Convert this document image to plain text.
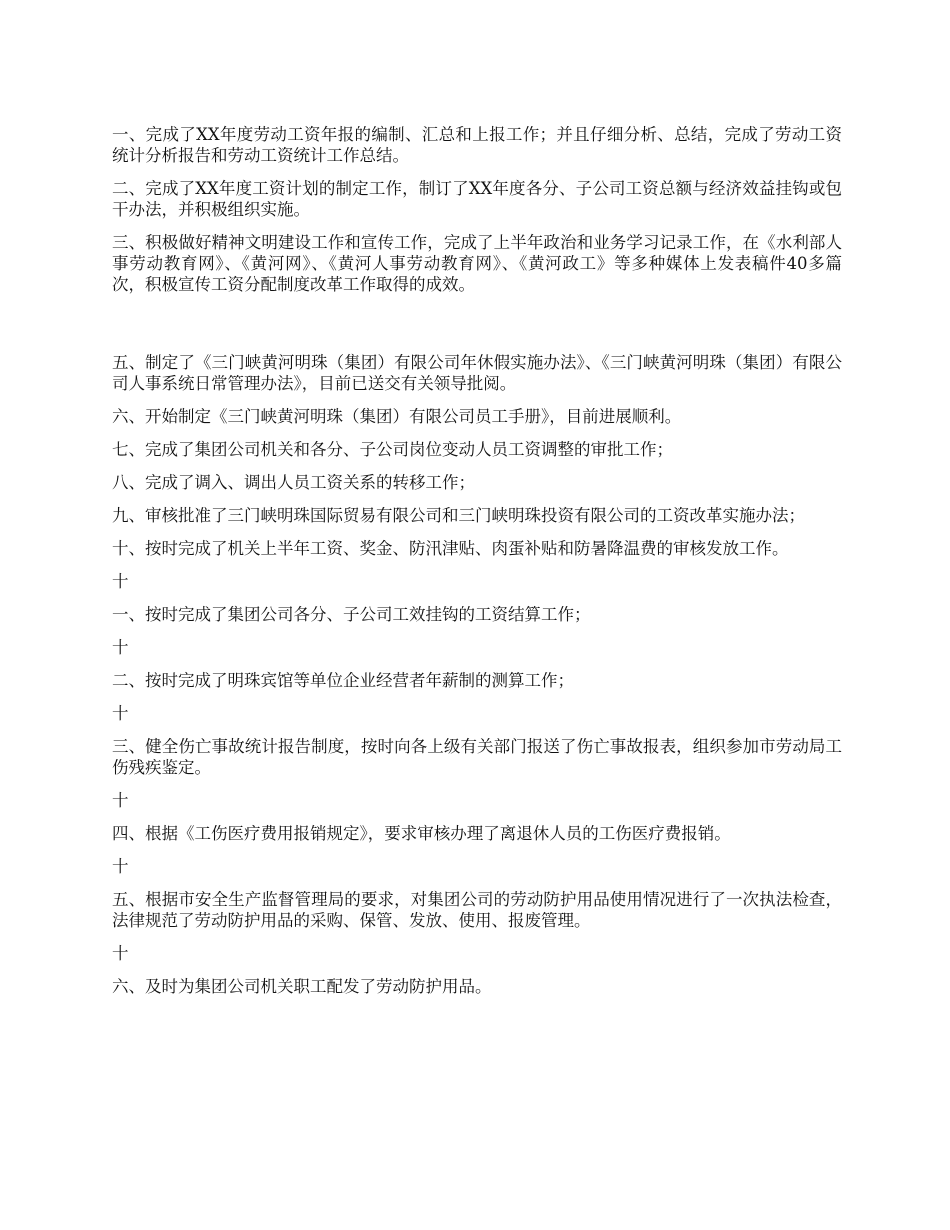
一、完成了XX年度劳动工资年报的编制、汇总和上报工作；并且仔细分析、总结，完成了劳动工资统计分析报告和劳动工资统计工作总结。

二、完成了XX年度工资计划的制定工作，制订了XX年度各分、子公司工资总额与经济效益挂钩或包干办法，并积极组织实施。

三、积极做好精神文明建设工作和宣传工作，完成了上半年政治和业务学习记录工作，在《水利部人事劳动教育网》、《黄河网》、《黄河人事劳动教育网》、《黄河政工》等多种媒体上发表稿件40多篇次，积极宣传工资分配制度改革工作取得的成效。

五、制定了《三门峡黄河明珠（集团）有限公司年休假实施办法》、《三门峡黄河明珠（集团）有限公司人事系统日常管理办法》，目前已送交有关领导批阅。

六、开始制定《三门峡黄河明珠（集团）有限公司员工手册》，目前进展顺利。

七、完成了集团公司机关和各分、子公司岗位变动人员工资调整的审批工作；

八、完成了调入、调出人员工资关系的转移工作；

九、审核批准了三门峡明珠国际贸易有限公司和三门峡明珠投资有限公司的工资改革实施办法；

十、按时完成了机关上半年工资、奖金、防汛津贴、肉蛋补贴和防暑降温费的审核发放工作。

十

一、按时完成了集团公司各分、子公司工效挂钩的工资结算工作；

十

二、按时完成了明珠宾馆等单位企业经营者年薪制的测算工作；

十

三、健全伤亡事故统计报告制度，按时向各上级有关部门报送了伤亡事故报表，组织参加市劳动局工伤残疾鉴定。

十

四、根据《工伤医疗费用报销规定》，要求审核办理了离退休人员的工伤医疗费报销。

十

五、根据市安全生产监督管理局的要求，对集团公司的劳动防护用品使用情况进行了一次执法检查，法律规范了劳动防护用品的采购、保管、发放、使用、报废管理。

十

六、及时为集团公司机关职工配发了劳动防护用品。
